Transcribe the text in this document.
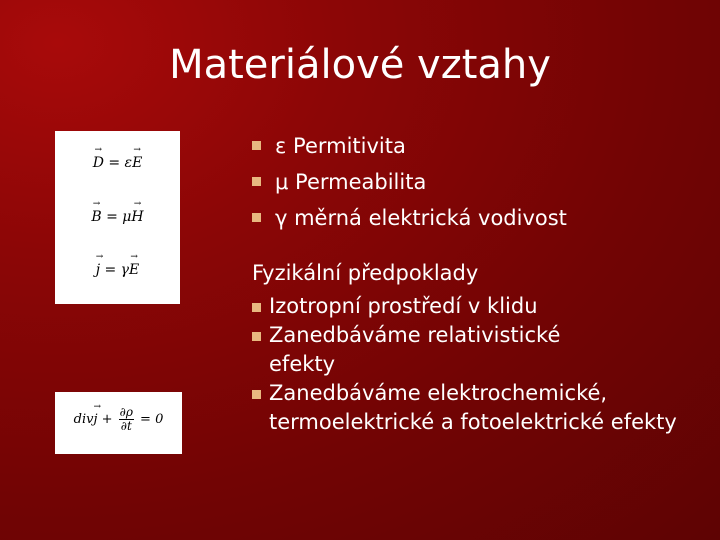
Materiálové vztahy
→ D = ε→ E
→ B = μ→ H
→ j = γ→ E
$div\to j + \frac{\partial\rho}{\partial t} = 0$
ε Permitivita
μ Permeabilita
γ měrná elektrická vodivost
Fyzikální předpoklady
Izotropní prostředí v klidu
Zanedbáváme relativistické efekty
Zanedbáváme elektrochemické, termoelektrické a fotoelektrické efekty
